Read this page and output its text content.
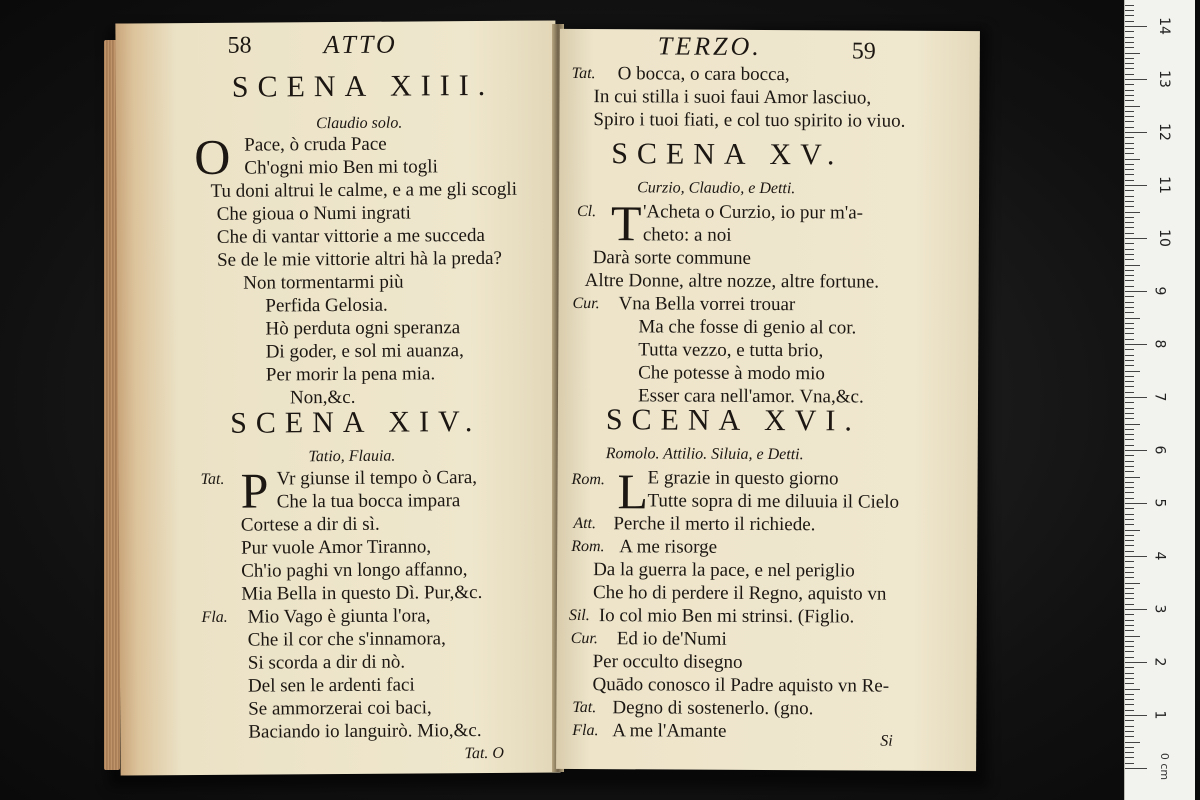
58	ATTO
SCENA XIII.
Claudio solo.
O Pace, ò cruda Pace
Ch'ogni mio Ben mi togli
Tu doni altrui le calme, e a me gli scogli
Che gioua o Numi ingrati
Che di vantar vittorie a me succeda
Se de le mie vittorie altri hà la preda?
Non tormentarmi più
Perfida Gelosia.
Hò perduta ogni speranza
Di goder, e sol mi auanza,
Per morir la pena mia.
Non,&c.
SCENA XIV.
Tatio, Flauia.
Tat. P Vr giunse il tempo ò Cara,
Che la tua bocca impara
Cortese a dir di sì.
Pur vuole Amor Tiranno,
Ch'io paghi vn longo affanno,
Mia Bella in questo Dì. Pur,&c.
Fla. Mio Vago è giunta l'ora,
Che il cor che s'innamora,
Si scorda a dir di nò.
Del sen le ardenti faci
Se ammorzerai coi baci,
Baciando io languirò. Mio,&c.
Tat. O
TERZO.	59
Tat. O bocca, o cara bocca,
In cui stilla i suoi faui Amor lasciuo,
Spiro i tuoi fiati, e col tuo spirito io viuo.
SCENA XV.
Curzio, Claudio, e Detti.
Cl. T 'Acheta o Curzio, io pur m'a-
cheto: a noi
Darà sorte commune
Altre Donne, altre nozze, altre fortune.
Cur. Vna Bella vorrei trouar
Ma che fosse di genio al cor.
Tutta vezzo, e tutta brio,
Che potesse à modo mio
Esser cara nell'amor. Vna,&c.
SCENA XVI.
Romolo. Attilio. Siluia, e Detti.
Rom. L E grazie in questo giorno
Tutte sopra di me diluuia il Cielo
Att. Perche il merto il richiede.
Rom. A me risorge
Da la guerra la pace, e nel periglio
Che ho di perdere il Regno, aquisto vn
Sil. Io col mio Ben mi strinsi. (Figlio.
Cur. Ed io de'Numi
Per occulto disegno
Quādo conosco il Padre aquisto vn Re-
Tat. Degno di sostenerlo. (gno.
Fla. A me l'Amante	Si
0 cm
14
13
12
11
10
9
8
7
6
5
4
3
2
1
